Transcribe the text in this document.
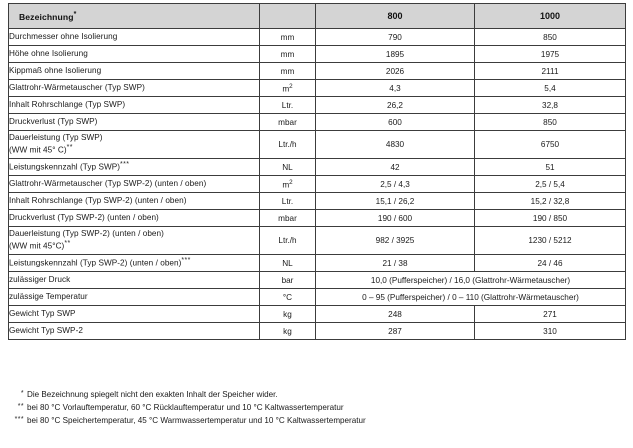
Bezeichnung*		800	1000
Durchmesser ohne Isolierung	mm	790	850
Höhe ohne Isolierung	mm	1895	1975
Kippmaß ohne Isolierung	mm	2026	2111
Glattrohr-Wärmetauscher (Typ SWP)	$m^2$	4,3	5,4
Inhalt Rohrschlange (Typ SWP)	Ltr.	26,2	32,8
Druckverlust (Typ SWP)	mbar	600	850
Dauerleistung (Typ SWP)
(WW mit 45° C)**	Ltr./h	4830	6750
Leistungskennzahl (Typ SWP)***	NL	42	51
Glattrohr-Wärmetauscher (Typ SWP-2) (unten / oben)	$m^2$	2,5 / 4,3	2,5 / 5,4
Inhalt Rohrschlange (Typ SWP-2) (unten / oben)	Ltr.	15,1 / 26,2	15,2 / 32,8
Druckverlust (Typ SWP-2) (unten / oben)	mbar	190 / 600	190 / 850
Dauerleistung (Typ SWP-2) (unten / oben)
(WW mit 45°C)**	Ltr./h	982 / 3925	1230 / 5212
Leistungskennzahl (Typ SWP-2) (unten / oben)***	NL	21 / 38	24 / 46
zulässiger Druck	bar	10,0 (Pufferspeicher) / 16,0 (Glattrohr-Wärmetauscher)	
zulässige Temperatur	°C	0 – 95 (Pufferspeicher) / 0 – 110 (Glattrohr-Wärmetauscher)	
Gewicht Typ SWP	kg	248	271
Gewicht Typ SWP-2	kg	287	310
* Die Bezeichnung spiegelt nicht den exakten Inhalt der Speicher wider.
** bei 80 °C Vorlauftemperatur, 60 °C Rücklauftemperatur und 10 °C Kaltwassertemperatur
*** bei 80 °C Speichertemperatur, 45 °C Warmwassertemperatur und 10 °C Kaltwassertemperatur
